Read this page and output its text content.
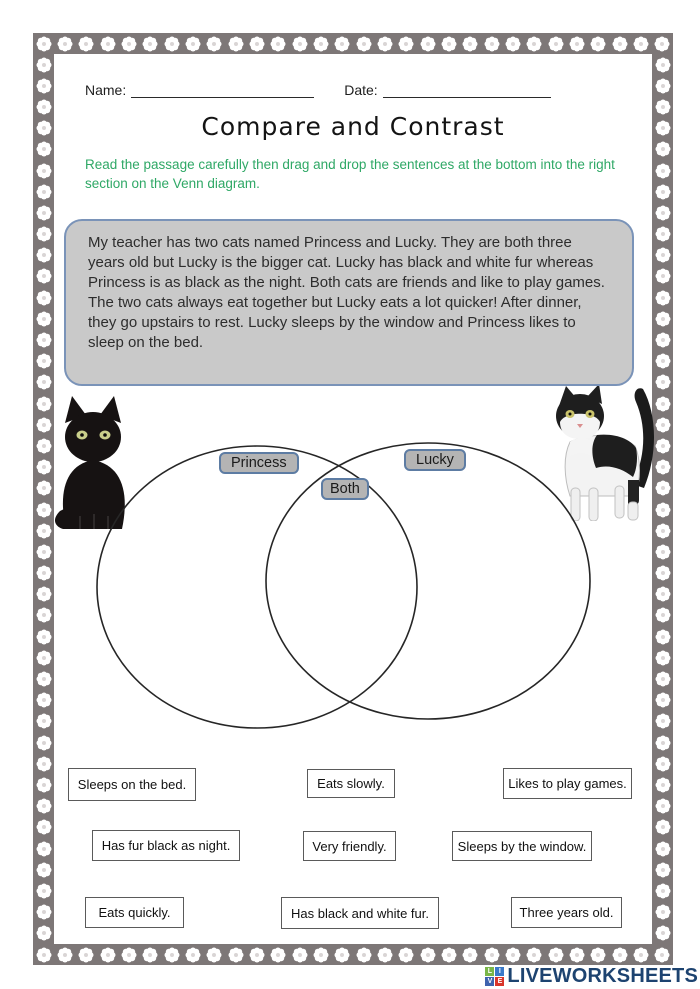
Name:	Date:
Compare and Contrast
Read the passage carefully then drag and drop the sentences at the bottom into the right section on the Venn diagram.
My teacher has two cats named Princess and Lucky. They are both three years old but Lucky is the bigger cat. Lucky has black and white fur whereas Princess is as black as the night. Both cats are friends and like to play games. The two cats always eat together but Lucky eats a lot quicker! After dinner, they go upstairs to rest. Lucky sleeps by the window and Princess likes to sleep on the bed.
Princess	Lucky
Both
Sleeps on the bed.	Eats slowly.	Likes to play games.
Has fur black as night.	Very friendly.	Sleeps by the window.
Eats quickly.	Has black and white fur.	Three years old.
L I
V E LIVEWORKSHEETS
